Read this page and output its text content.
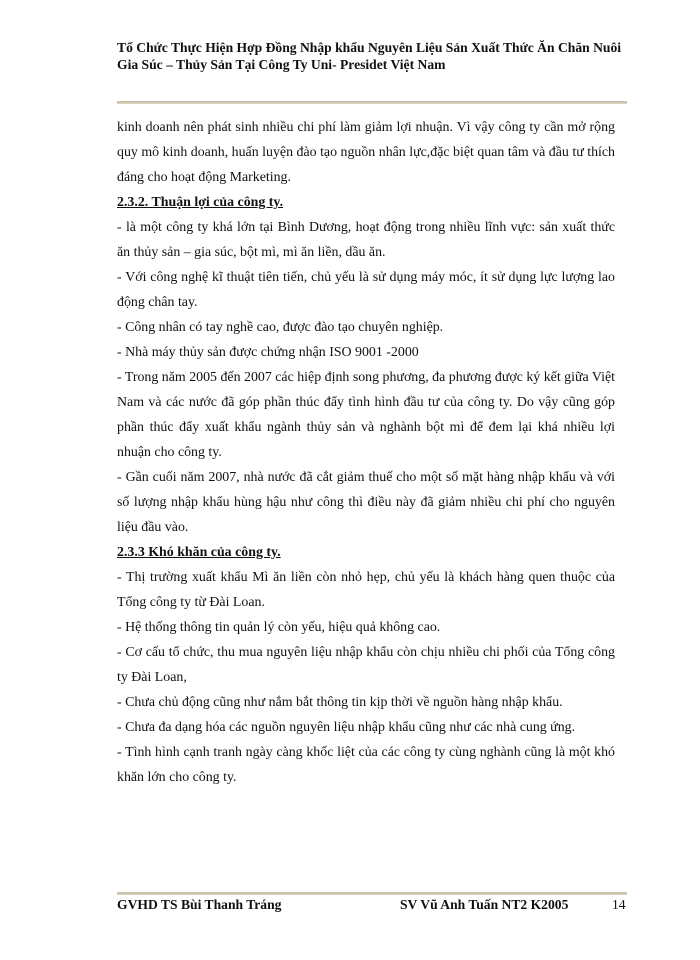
Tổ Chức Thực Hiện Hợp Đồng Nhập khẩu Nguyên Liệu Sản Xuất Thức Ăn Chăn Nuôi Gia Súc – Thủy Sản Tại Công Ty Uni- Presidet Việt Nam

kinh doanh nên phát sinh nhiều chi phí làm giảm lợi nhuận. Vì vậy công ty cần mở rộng quy mô kinh doanh, huấn luyện đào tạo nguồn nhân lực,đặc biệt quan tâm và đầu tư thích đáng cho hoạt động Marketing.

2.3.2. Thuận lợi của công ty.

- là một công ty khá lớn tại Bình Dương, hoạt động trong nhiều lĩnh vực: sản xuất thức ăn thủy sản – gia súc, bột mì, mì ăn liền, dầu ăn.

- Với công nghệ kĩ thuật tiên tiến, chủ yếu là sử dụng máy móc, ít sử dụng lực lượng lao động chân tay.

- Công nhân có tay nghề cao, được đào tạo chuyên nghiệp.

- Nhà máy thủy sản được chứng nhận ISO 9001 -2000

- Trong năm 2005 đến 2007 các hiệp định song phương, đa phương được ký kết giữa Việt Nam và các nước đã góp phần thúc đẩy tình hình đầu tư của công ty. Do vậy cũng góp phần thúc đẩy xuất khẩu ngành thủy sản và nghành bột mì để đem lại khá nhiều lợi nhuận cho công ty.

- Gần cuối năm 2007, nhà nước đã cắt giảm thuế cho một số mặt hàng nhập khẩu và với số lượng nhập khẩu hùng hậu như công thì điều này đã giảm nhiều chi phí cho nguyên liệu đầu vào.

2.3.3 Khó khăn của công ty.

- Thị trường xuất khẩu Mì ăn liền còn nhỏ hẹp, chủ yếu là khách hàng quen thuộc của Tổng công ty từ Đài Loan.

- Hệ thống thông tin quản lý còn yếu, hiệu quả không cao.

- Cơ cấu tổ chức, thu mua nguyên liệu nhập khẩu còn chịu nhiều chi phối của Tổng công ty Đài Loan,

- Chưa chủ động cũng như nắm bắt thông tin kịp thời về nguồn hàng nhập khẩu.

- Chưa đa dạng hóa các nguồn nguyên liệu nhập khẩu cũng như các nhà cung ứng.

- Tình hình cạnh tranh ngày càng khốc liệt của các công ty cùng nghành cũng là một khó khăn lớn cho công ty.

GVHD TS Bùi Thanh Tráng	SV Vũ Anh Tuấn NT2 K2005	14
